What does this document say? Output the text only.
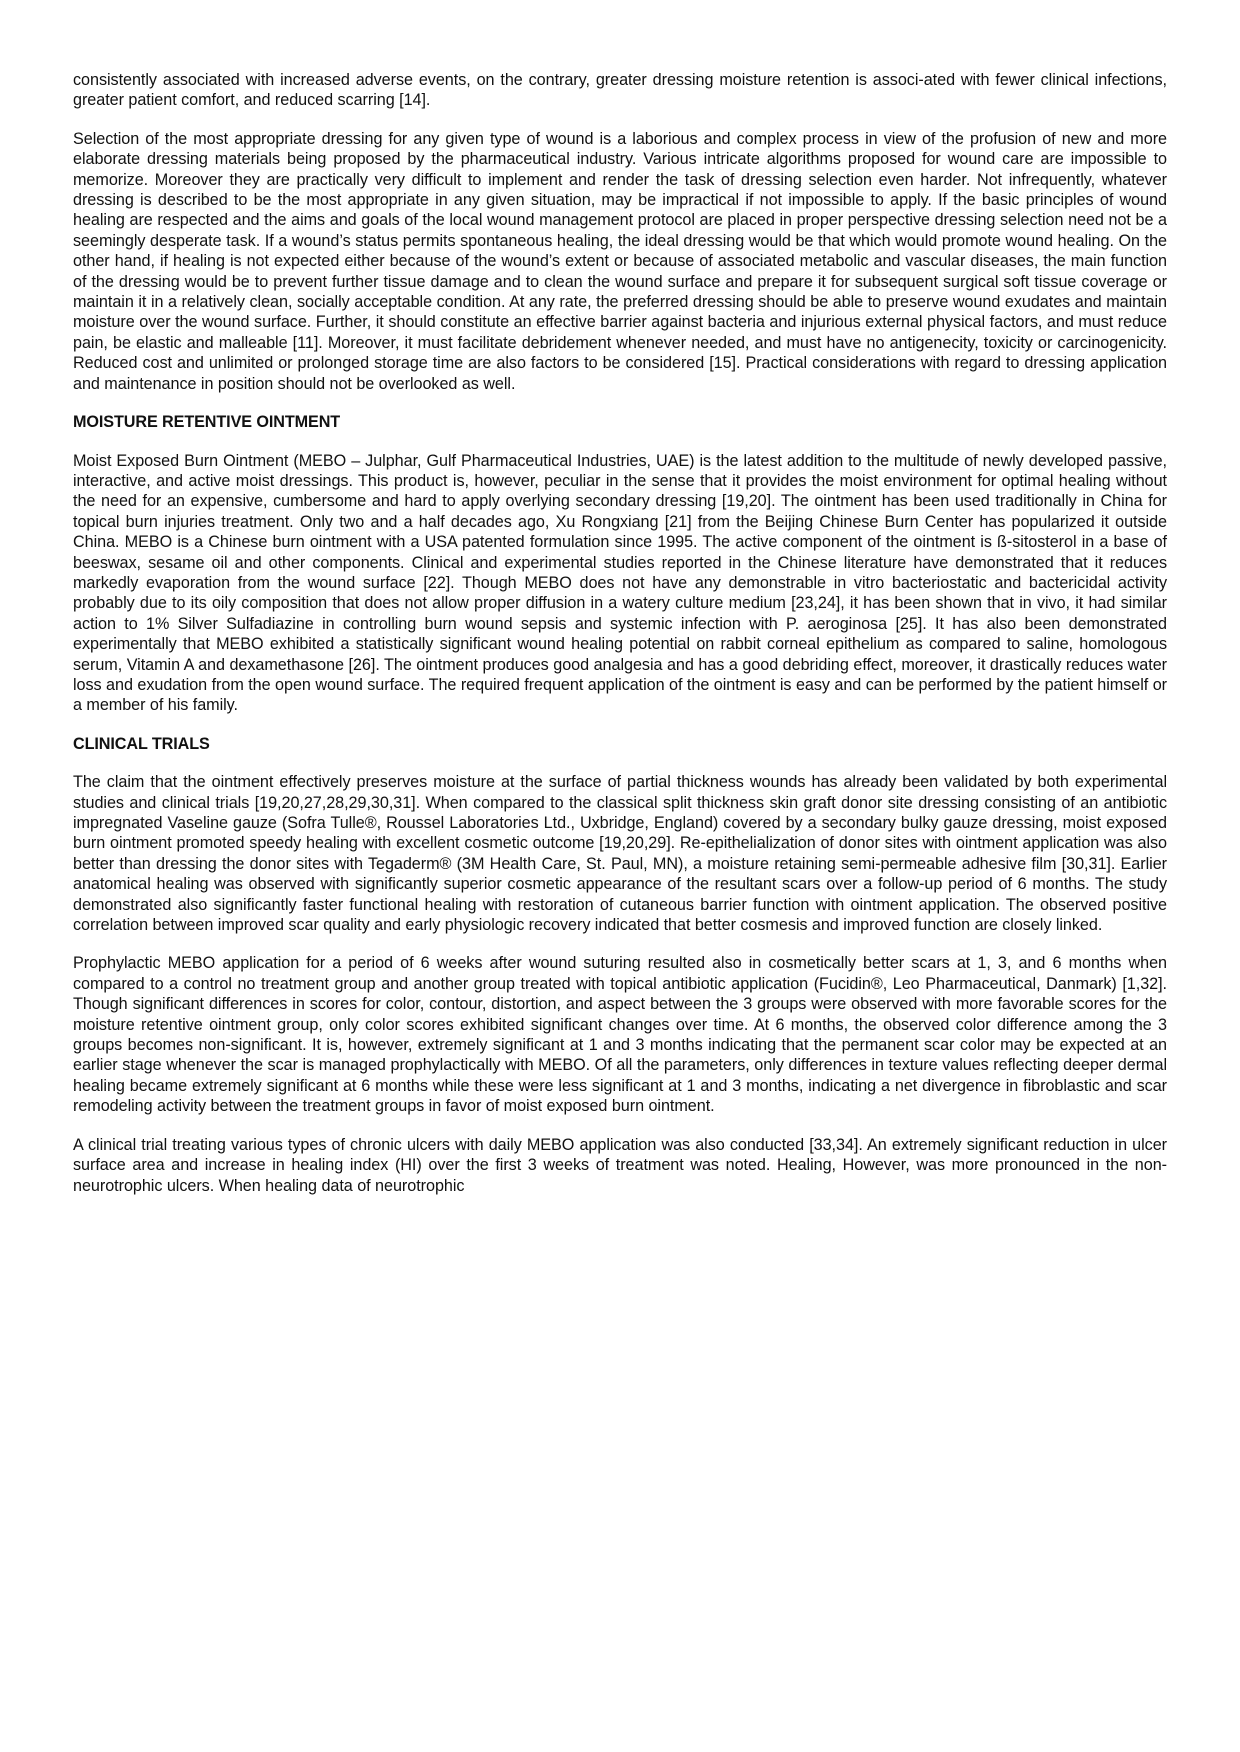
consistently associated with increased adverse events, on the contrary, greater dressing moisture retention is associ-ated with fewer clinical infections, greater patient comfort, and reduced scarring [14].

Selection of the most appropriate dressing for any given type of wound is a laborious and complex process in view of the profusion of new and more elaborate dressing materials being proposed by the pharmaceutical industry. Various intricate algorithms proposed for wound care are impossible to memorize. Moreover they are practically very difficult to implement and render the task of dressing selection even harder. Not infrequently, whatever dressing is described to be the most appropriate in any given situation, may be impractical if not impossible to apply. If the basic principles of wound healing are respected and the aims and goals of the local wound management protocol are placed in proper perspective dressing selection need not be a seemingly desperate task. If a wound’s status permits spontaneous healing, the ideal dressing would be that which would promote wound healing. On the other hand, if healing is not expected either because of the wound’s extent or because of associated metabolic and vascular diseases, the main function of the dressing would be to prevent further tissue damage and to clean the wound surface and prepare it for subsequent surgical soft tissue coverage or maintain it in a relatively clean, socially acceptable condition. At any rate, the preferred dressing should be able to preserve wound exudates and maintain moisture over the wound surface. Further, it should constitute an effective barrier against bacteria and injurious external physical factors, and must reduce pain, be elastic and malleable [11]. Moreover, it must facilitate debridement whenever needed, and must have no antigenecity, toxicity or carcinogenicity. Reduced cost and unlimited or prolonged storage time are also factors to be considered [15]. Practical considerations with regard to dressing application and maintenance in position should not be overlooked as well.

MOISTURE RETENTIVE OINTMENT

Moist Exposed Burn Ointment (MEBO – Julphar, Gulf Pharmaceutical Industries, UAE) is the latest addition to the multitude of newly developed passive, interactive, and active moist dressings. This product is, however, peculiar in the sense that it provides the moist environment for optimal healing without the need for an expensive, cumbersome and hard to apply overlying secondary dressing [19,20]. The ointment has been used traditionally in China for topical burn injuries treatment. Only two and a half decades ago, Xu Rongxiang [21] from the Beijing Chinese Burn Center has popularized it outside China. MEBO is a Chinese burn ointment with a USA patented formulation since 1995. The active component of the ointment is ß-sitosterol in a base of beeswax, sesame oil and other components. Clinical and experimental studies reported in the Chinese literature have demonstrated that it reduces markedly evaporation from the wound surface [22]. Though MEBO does not have any demonstrable in vitro bacteriostatic and bactericidal activity probably due to its oily composition that does not allow proper diffusion in a watery culture medium [23,24], it has been shown that in vivo, it had similar action to 1% Silver Sulfadiazine in controlling burn wound sepsis and systemic infection with P. aeroginosa [25]. It has also been demonstrated experimentally that MEBO exhibited a statistically significant wound healing potential on rabbit corneal epithelium as compared to saline, homologous serum, Vitamin A and dexamethasone [26]. The ointment produces good analgesia and has a good debriding effect, moreover, it drastically reduces water loss and exudation from the open wound surface. The required frequent application of the ointment is easy and can be performed by the patient himself or a member of his family.

CLINICAL TRIALS

The claim that the ointment effectively preserves moisture at the surface of partial thickness wounds has already been validated by both experimental studies and clinical trials [19,20,27,28,29,30,31]. When compared to the classical split thickness skin graft donor site dressing consisting of an antibiotic impregnated Vaseline gauze (Sofra Tulle®, Roussel Laboratories Ltd., Uxbridge, England) covered by a secondary bulky gauze dressing, moist exposed burn ointment promoted speedy healing with excellent cosmetic outcome [19,20,29]. Re-epithelialization of donor sites with ointment application was also better than dressing the donor sites with Tegaderm® (3M Health Care, St. Paul, MN), a moisture retaining semi-permeable adhesive film [30,31]. Earlier anatomical healing was observed with significantly superior cosmetic appearance of the resultant scars over a follow-up period of 6 months. The study demonstrated also significantly faster functional healing with restoration of cutaneous barrier function with ointment application. The observed positive correlation between improved scar quality and early physiologic recovery indicated that better cosmesis and improved function are closely linked.

Prophylactic MEBO application for a period of 6 weeks after wound suturing resulted also in cosmetically better scars at 1, 3, and 6 months when compared to a control no treatment group and another group treated with topical antibiotic application (Fucidin®, Leo Pharmaceutical, Danmark) [1,32]. Though significant differences in scores for color, contour, distortion, and aspect between the 3 groups were observed with more favorable scores for the moisture retentive ointment group, only color scores exhibited significant changes over time. At 6 months, the observed color difference among the 3 groups becomes non-significant. It is, however, extremely significant at 1 and 3 months indicating that the permanent scar color may be expected at an earlier stage whenever the scar is managed prophylactically with MEBO. Of all the parameters, only differences in texture values reflecting deeper dermal healing became extremely significant at 6 months while these were less significant at 1 and 3 months, indicating a net divergence in fibroblastic and scar remodeling activity between the treatment groups in favor of moist exposed burn ointment.

A clinical trial treating various types of chronic ulcers with daily MEBO application was also conducted [33,34]. An extremely significant reduction in ulcer surface area and increase in healing index (HI) over the first 3 weeks of treatment was noted. Healing, However, was more pronounced in the non-neurotrophic ulcers. When healing data of neurotrophic
